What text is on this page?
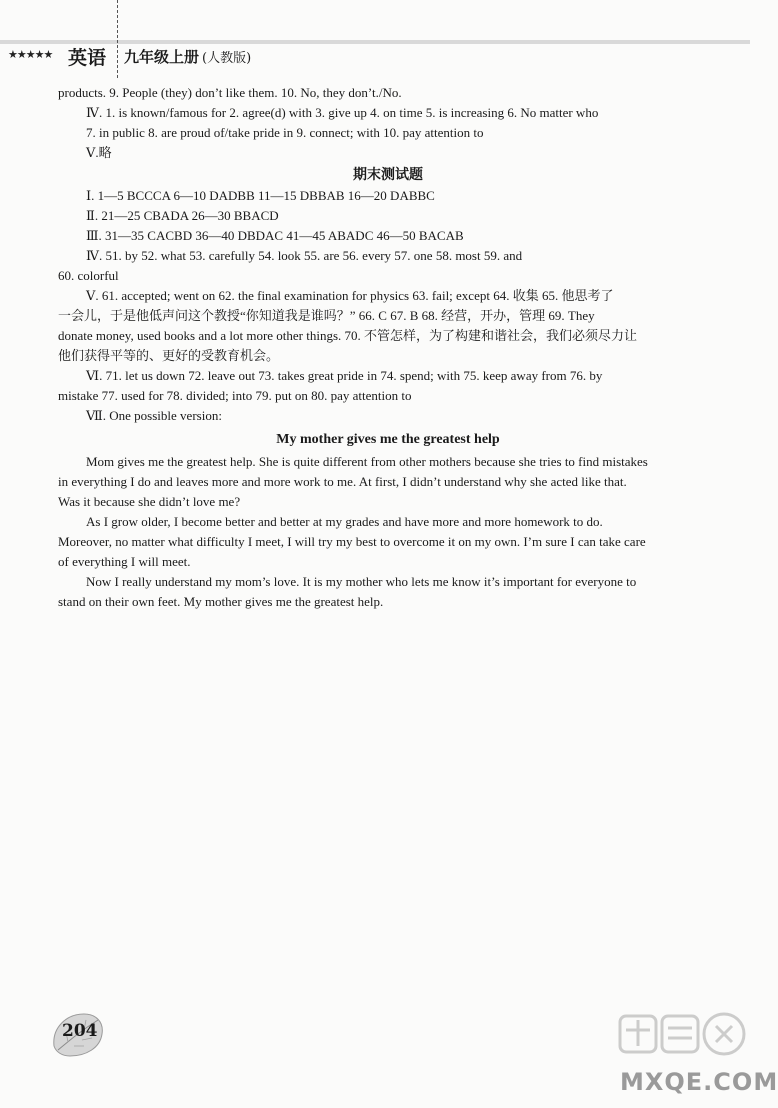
★★★★★ 英语 九年级上册 (人教版)
products. 9. People (they) don’t like them. 10. No, they don’t./No.
Ⅳ. 1. is known/famous for 2. agree(d) with 3. give up 4. on time 5. is increasing 6. No matter who
7. in public 8. are proud of/take pride in 9. connect; with 10. pay attention to
Ⅴ.略
期末测试题
Ⅰ. 1—5 BCCCA 6—10 DADBB 11—15 DBBAB 16—20 DABBC
Ⅱ. 21—25 CBADA 26—30 BBACD
Ⅲ. 31—35 CACBD 36—40 DBDAC 41—45 ABADC 46—50 BACAB
Ⅳ. 51. by 52. what 53. carefully 54. look 55. are 56. every 57. one 58. most 59. and
60. colorful
Ⅴ. 61. accepted; went on 62. the final examination for physics 63. fail; except 64. 收集 65. 他思考了
一会儿，于是他低声问这个教授“你知道我是谁吗？” 66. C 67. B 68. 经营，开办，管理 69. They
donate money, used books and a lot more other things. 70. 不管怎样，为了构建和谐社会，我们必须尽力让
他们获得平等的、更好的受教育机会。
Ⅵ. 71. let us down 72. leave out 73. takes great pride in 74. spend; with 75. keep away from 76. by
mistake 77. used for 78. divided; into 79. put on 80. pay attention to
Ⅶ. One possible version:
My mother gives me the greatest help
Mom gives me the greatest help. She is quite different from other mothers because she tries to find mistakes
in everything I do and leaves more and more work to me. At first, I didn’t understand why she acted like that.
Was it because she didn’t love me?
As I grow older, I become better and better at my grades and have more and more homework to do.
Moreover, no matter what difficulty I meet, I will try my best to overcome it on my own. I’m sure I can take care
of everything I will meet.
Now I really understand my mom’s love. It is my mother who lets me know it’s important for everyone to
stand on their own feet. My mother gives me the greatest help.
204
MXQE.COM
